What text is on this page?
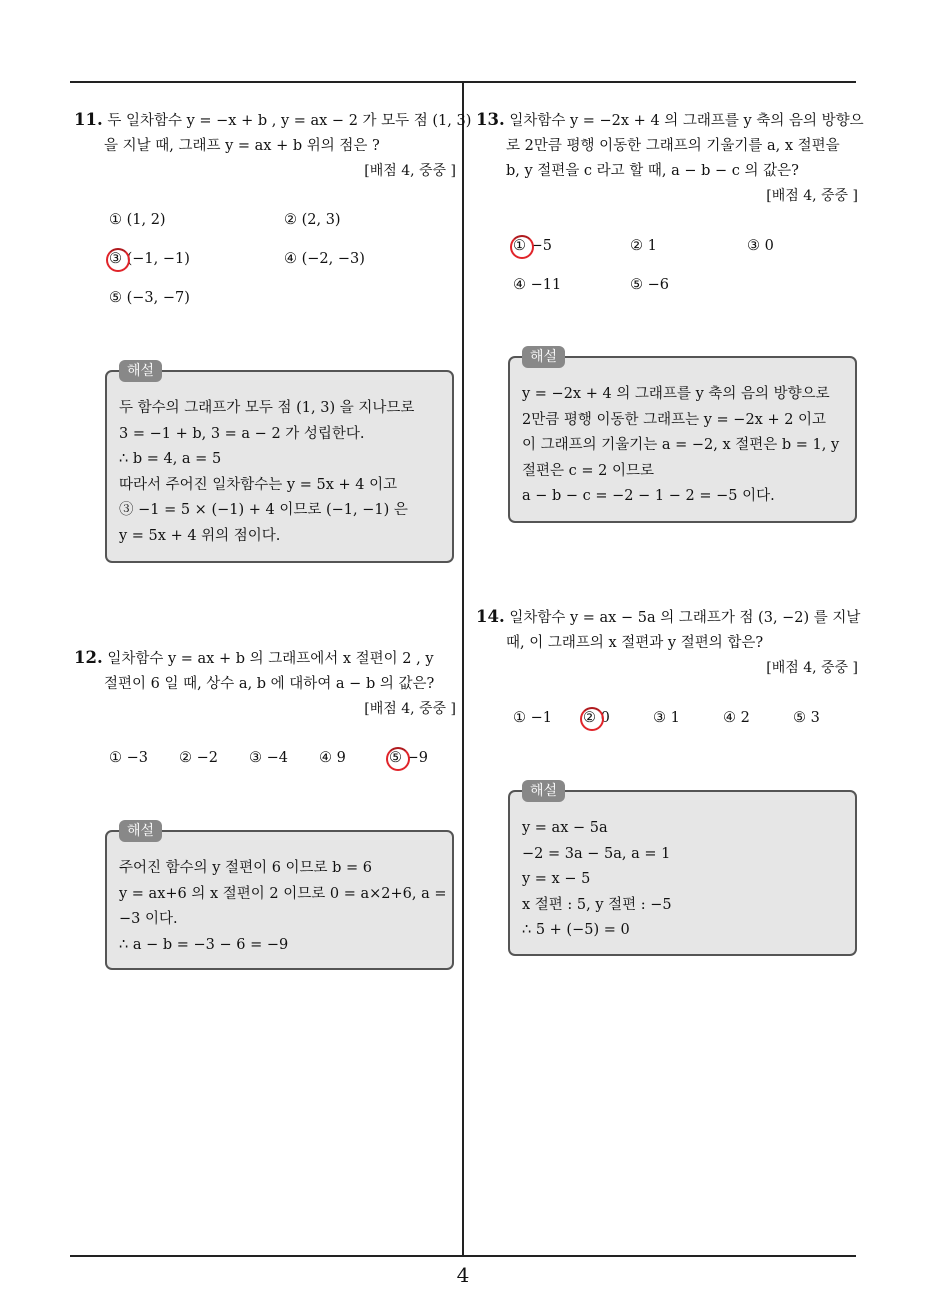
11. 두 일차함수 y = −x + b , y = ax − 2 가 모두 점 (1, 3)
을 지날 때, 그래프 y = ax + b 위의 점은 ?
[배점 4, 중중 ]
① (1, 2)	② (2, 3)
③ (−1, −1)	④ (−2, −3)
⑤ (−3, −7)
해설
두 함수의 그래프가 모두 점 (1, 3) 을 지나므로
3 = −1 + b, 3 = a − 2 가 성립한다.
∴ b = 4, a = 5
따라서 주어진 일차함수는 y = 5x + 4 이고
③ −1 = 5 × (−1) + 4 이므로 (−1, −1) 은
y = 5x + 4 위의 점이다.
12. 일차함수 y = ax + b 의 그래프에서 x 절편이 2 , y
절편이 6 일 때, 상수 a, b 에 대하여 a − b 의 값은?
[배점 4, 중중 ]
① −3 ② −2 ③ −4 ④ 9	⑤ −9
해설
주어진 함수의 y 절편이 6 이므로 b = 6
y = ax+6 의 x 절편이 2 이므로 0 = a×2+6, a =
−3 이다.
∴ a − b = −3 − 6 = −9
13. 일차함수 y = −2x + 4 의 그래프를 y 축의 음의 방향으
로 2만큼 평행 이동한 그래프의 기울기를 a, x 절편을
b, y 절편을 c 라고 할 때, a − b − c 의 값은?
[배점 4, 중중 ]
① −5	② 1	③ 0
④ −11	⑤ −6
해설
y = −2x + 4 의 그래프를 y 축의 음의 방향으로
2만큼 평행 이동한 그래프는 y = −2x + 2 이고
이 그래프의 기울기는 a = −2, x 절편은 b = 1, y
절편은 c = 2 이므로
a − b − c = −2 − 1 − 2 = −5 이다.
14. 일차함수 y = ax − 5a 의 그래프가 점 (3, −2) 를 지날
때, 이 그래프의 x 절편과 y 절편의 합은?
[배점 4, 중중 ]
① −1 ② 0	③ 1	④ 2	⑤ 3
해설
y = ax − 5a
−2 = 3a − 5a, a = 1
y = x − 5
x 절편 : 5, y 절편 : −5
∴ 5 + (−5) = 0
4
